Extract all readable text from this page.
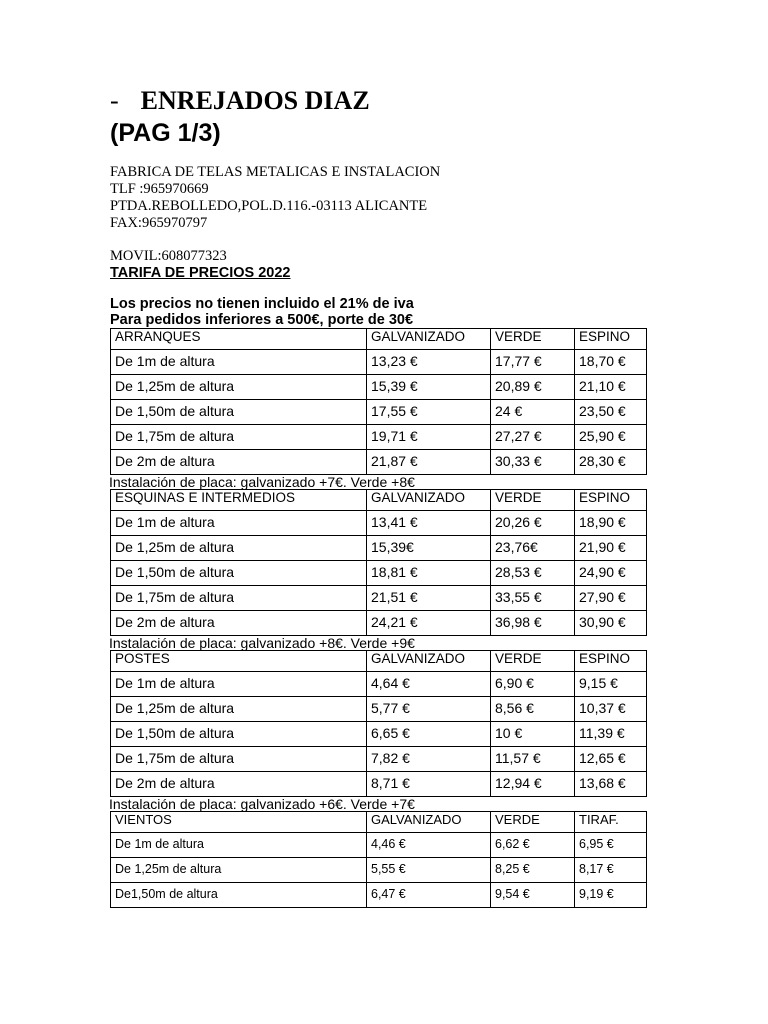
- ENREJADOS DIAZ
(PAG 1/3)
FABRICA DE TELAS METALICAS E INSTALACION
TLF :965970669
PTDA.REBOLLEDO,POL.D.116.-03113 ALICANTE
FAX:965970797
MOVIL:608077323
TARIFA DE PRECIOS 2022
Los precios no tienen incluido el 21% de iva
Para pedidos inferiores a 500€, porte de 30€
ARRANQUES	GALVANIZADO	VERDE	ESPINO
De 1m de altura	13,23 €	17,77 €	18,70 €
De 1,25m de altura	15,39 €	20,89 €	21,10 €
De 1,50m de altura	17,55 €	24 €	23,50 €
De 1,75m de altura	19,71 €	27,27 €	25,90 €
De 2m de altura	21,87 €	30,33 €	28,30 €
Instalación de placa: galvanizado +7€. Verde +8€
ESQUINAS E INTERMEDIOS	GALVANIZADO	VERDE	ESPINO
De 1m de altura	13,41 €	20,26 €	18,90 €
De 1,25m de altura	15,39€	23,76€	21,90 €
De 1,50m de altura	18,81 €	28,53 €	24,90 €
De 1,75m de altura	21,51 €	33,55 €	27,90 €
De 2m de altura	24,21 €	36,98 €	30,90 €
Instalación de placa: galvanizado +8€. Verde +9€
POSTES	GALVANIZADO	VERDE	ESPINO
De 1m de altura	4,64 €	6,90 €	9,15 €
De 1,25m de altura	5,77 €	8,56 €	10,37 €
De 1,50m de altura	6,65 €	10 €	11,39 €
De 1,75m de altura	7,82 €	11,57 €	12,65 €
De 2m de altura	8,71 €	12,94 €	13,68 €
Instalación de placa: galvanizado +6€. Verde +7€
VIENTOS	GALVANIZADO	VERDE	TIRAF.
De 1m de altura	4,46 €	6,62 €	6,95 €
De 1,25m de altura	5,55 €	8,25 €	8,17 €
De1,50m de altura	6,47 €	9,54 €	9,19 €
